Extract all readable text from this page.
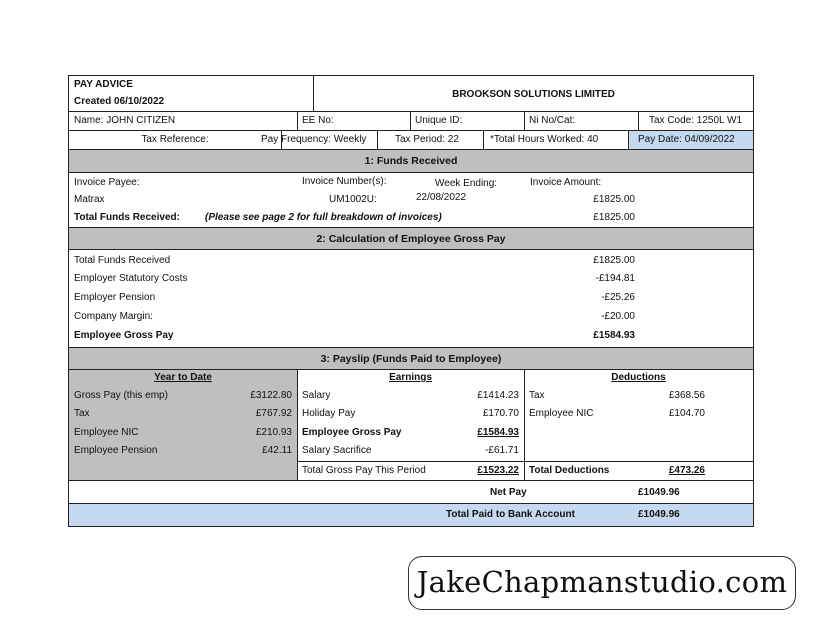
PAY ADVICE
Created 06/10/2022
BROOKSON SOLUTIONS LIMITED
Name: JOHN CITIZEN	EE No:	Unique ID:	Ni No/Cat:	Tax Code: 1250L W1
Tax Reference:	Pay Frequency: Weekly	Tax Period: 22	*Total Hours Worked: 40	Pay Date: 04/09/2022
1: Funds Received
Invoice Payee:	Invoice Number(s):	Week Ending:	Invoice Amount:
Matrax	UM1002U:	22/08/2022	£1825.00
Total Funds Received:	(Please see page 2 for full breakdown of invoices)	£1825.00
2: Calculation of Employee Gross Pay
Total Funds Received	£1825.00
Employer Statutory Costs	-£194.81
Employer Pension	-£25.26
Company Margin:	-£20.00
Employee Gross Pay	£1584.93
3: Payslip (Funds Paid to Employee)
Year to Date
Gross Pay (this emp)	£3122.80
Tax	£767.92
Employee NIC	£210.93
Employee Pension	£42.11
Earnings
Salary	£1414.23
Holiday Pay	£170.70
Employee Gross Pay	£1584.93
Salary Sacrifice	-£61.71
Total Gross Pay This Period	£1523.22
Deductions
Tax	£368.56
Employee NIC	£104.70
Total Deductions	£473.26
Net Pay	£1049.96
Total Paid to Bank Account	£1049.96
JakeChapmanstudio.com
